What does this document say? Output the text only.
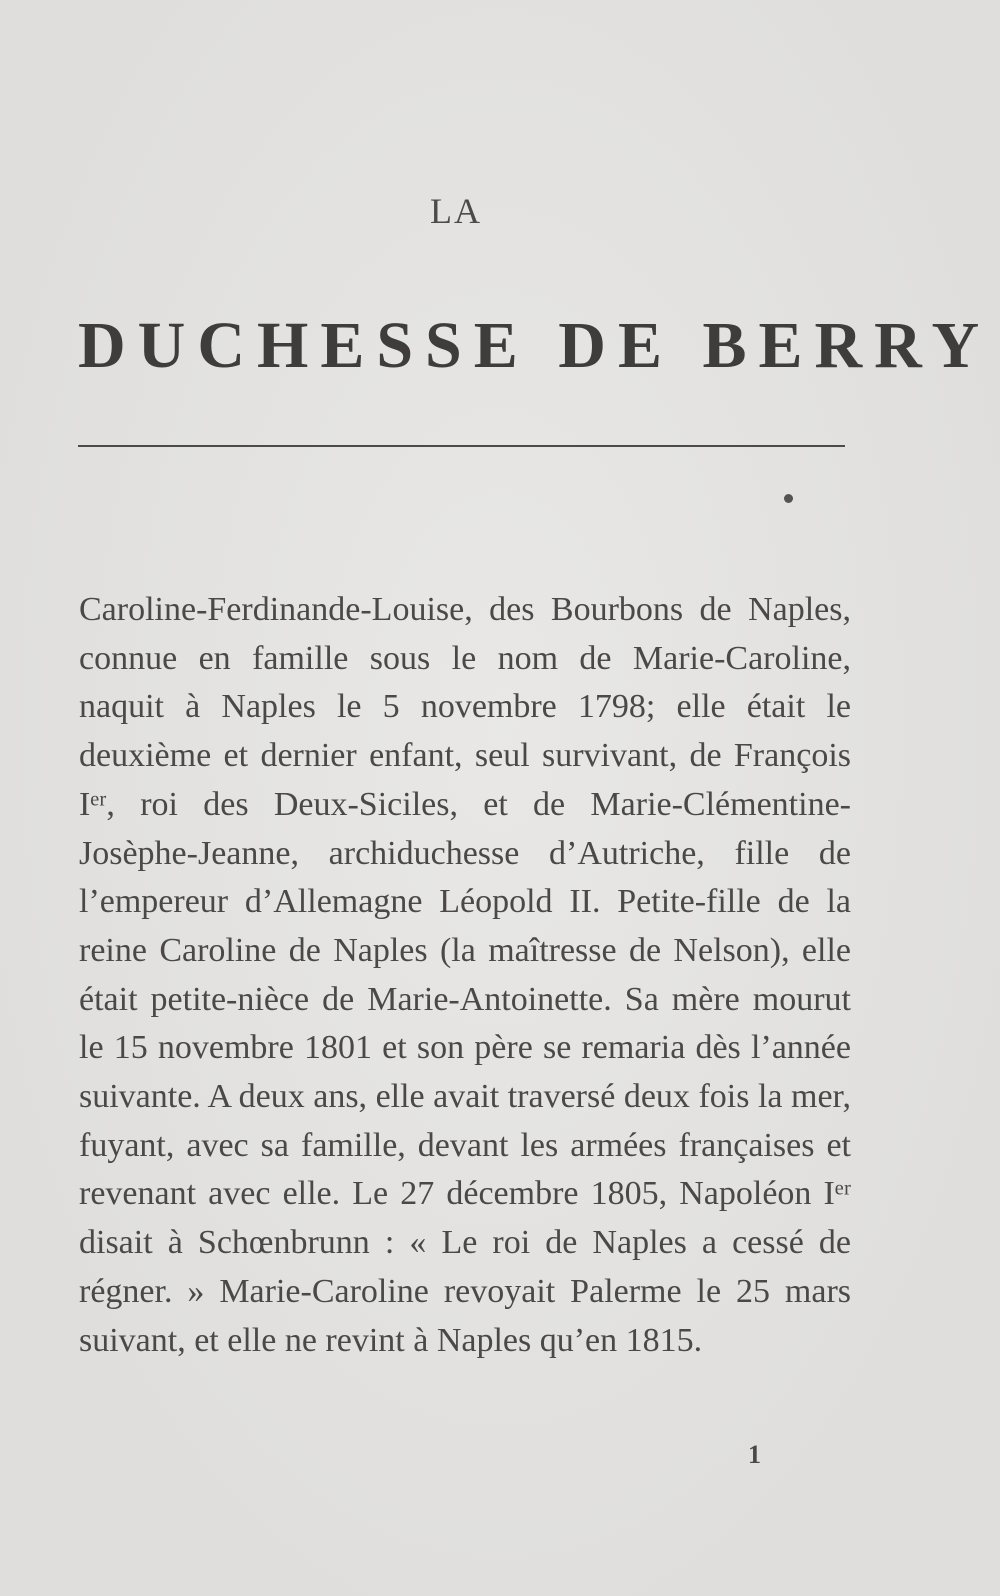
LA
DUCHESSE DE BERRY

Caroline-Ferdinande-Louise, des Bourbons de Naples, connue en famille sous le nom de Marie-Caroline, naquit à Naples le 5 novembre 1798; elle était le deuxième et dernier enfant, seul survivant, de François Iᵉʳ, roi des Deux-Siciles, et de Marie-Clémentine-Josèphe-Jeanne, archiduchesse d’Autriche, fille de l’empereur d’Allemagne Léopold II. Petite-fille de la reine Caroline de Naples (la maîtresse de Nelson), elle était petite-nièce de Marie-Antoinette. Sa mère mourut le 15 novembre 1801 et son père se remaria dès l’année suivante. A deux ans, elle avait traversé deux fois la mer, fuyant, avec sa famille, devant les armées françaises et revenant avec elle. Le 27 décembre 1805, Napoléon Iᵉʳ disait à Schœnbrunn : « Le roi de Naples a cessé de régner. » Marie-Caroline revoyait Palerme le 25 mars suivant, et elle ne revint à Naples qu’en 1815.

1
